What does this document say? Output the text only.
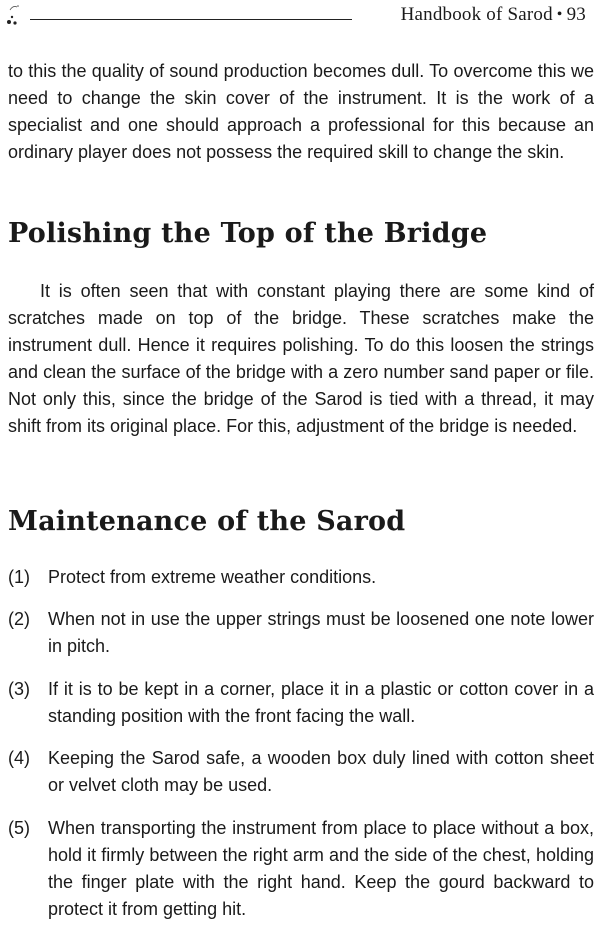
Handbook of Sarod • 93

to this the quality of sound production becomes dull. To overcome this we need to change the skin cover of the instrument. It is the work of a specialist and one should approach a professional for this because an ordinary player does not possess the required skill to change the skin.

Polishing the Top of the Bridge

It is often seen that with constant playing there are some kind of scratches made on top of the bridge. These scratches make the instrument dull. Hence it requires polishing. To do this loosen the strings and clean the surface of the bridge with a zero number sand paper or file. Not only this, since the bridge of the Sarod is tied with a thread, it may shift from its original place. For this, adjustment of the bridge is needed.

Maintenance of the Sarod
(1) Protect from extreme weather conditions.
(2) When not in use the upper strings must be loosened one note lower in pitch.
(3) If it is to be kept in a corner, place it in a plastic or cotton cover in a standing position with the front facing the wall.
(4) Keeping the Sarod safe, a wooden box duly lined with cotton sheet or velvet cloth may be used.
(5) When transporting the instrument from place to place without a box, hold it firmly between the right arm and the side of the chest, holding the finger plate with the right hand. Keep the gourd backward to protect it from getting hit.
